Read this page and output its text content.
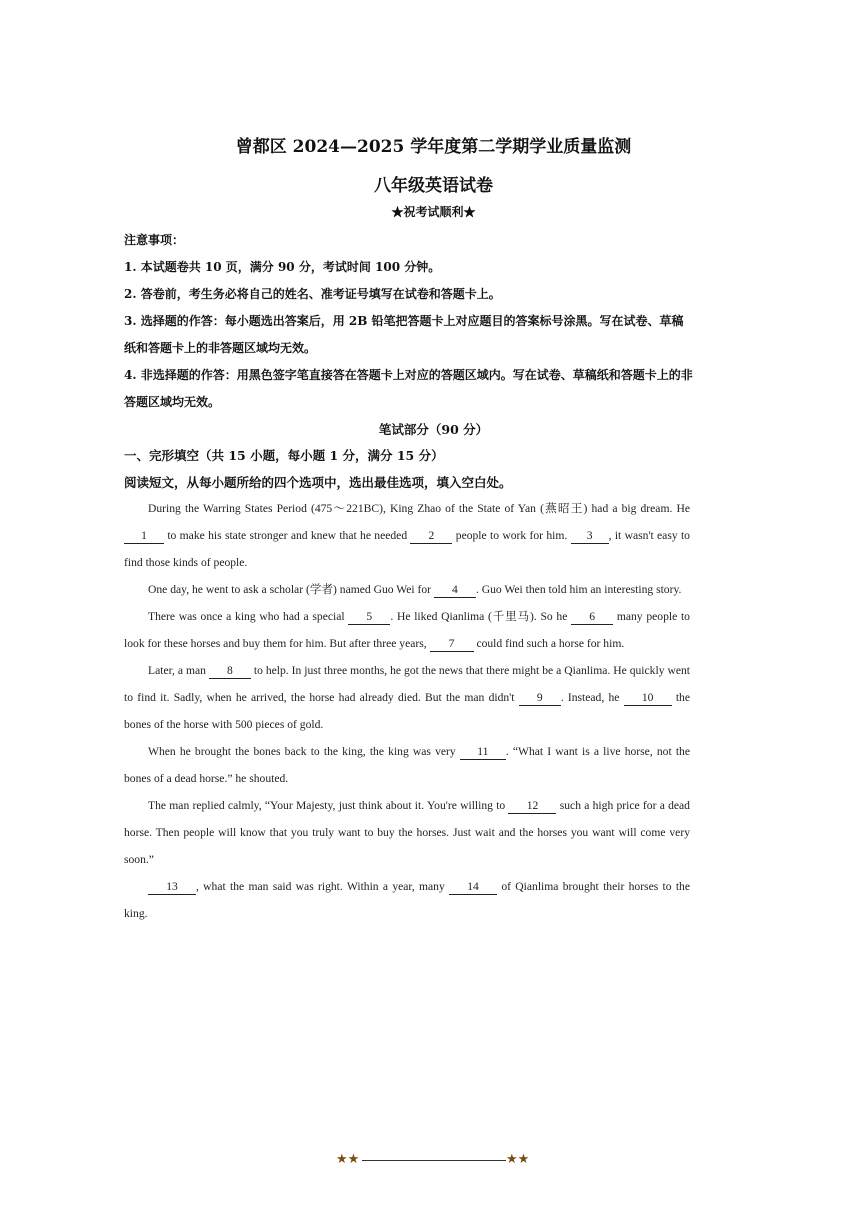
曾都区 2024—2025 学年度第二学期学业质量监测
八年级英语试卷
★祝考试顺利★
注意事项：
1. 本试题卷共 10 页，满分 90 分，考试时间 100 分钟。
2. 答卷前，考生务必将自己的姓名、准考证号填写在试卷和答题卡上。
3. 选择题的作答：每小题选出答案后，用 2B 铅笔把答题卡上对应题目的答案标号涂黑。写在试卷、草稿纸和答题卡上的非答题区域均无效。
4. 非选择题的作答：用黑色签字笔直接答在答题卡上对应的答题区域内。写在试卷、草稿纸和答题卡上的非答题区域均无效。
笔试部分（90 分）
一、完形填空（共 15 小题，每小题 1 分，满分 15 分）
阅读短文，从每小题所给的四个选项中，选出最佳选项，填入空白处。

During the Warring States Period (475～221BC), King Zhao of the State of Yan (燕昭王) had a big dream. He 1 to make his state stronger and knew that he needed 2 people to work for him. 3 , it wasn't easy to find those kinds of people.

One day, he went to ask a scholar (学者) named Guo Wei for 4 . Guo Wei then told him an interesting story.

There was once a king who had a special 5 . He liked Qianlima (千里马). So he 6 many people to look for these horses and buy them for him. But after three years, 7 could find such a horse for him.

Later, a man 8 to help. In just three months, he got the news that there might be a Qianlima. He quickly went to find it. Sadly, when he arrived, the horse had already died. But the man didn't 9 . Instead, he 10 the bones of the horse with 500 pieces of gold.

When he brought the bones back to the king, the king was very 11 . “What I want is a live horse, not the bones of a dead horse.” he shouted.

The man replied calmly, “Your Majesty, just think about it. You're willing to 12 such a high price for a dead horse. Then people will know that you truly want to buy the horses. Just wait and the horses you want will come very soon.”

13 , what the man said was right. Within a year, many 14 of Qianlima brought their horses to the king.

★★	★★
